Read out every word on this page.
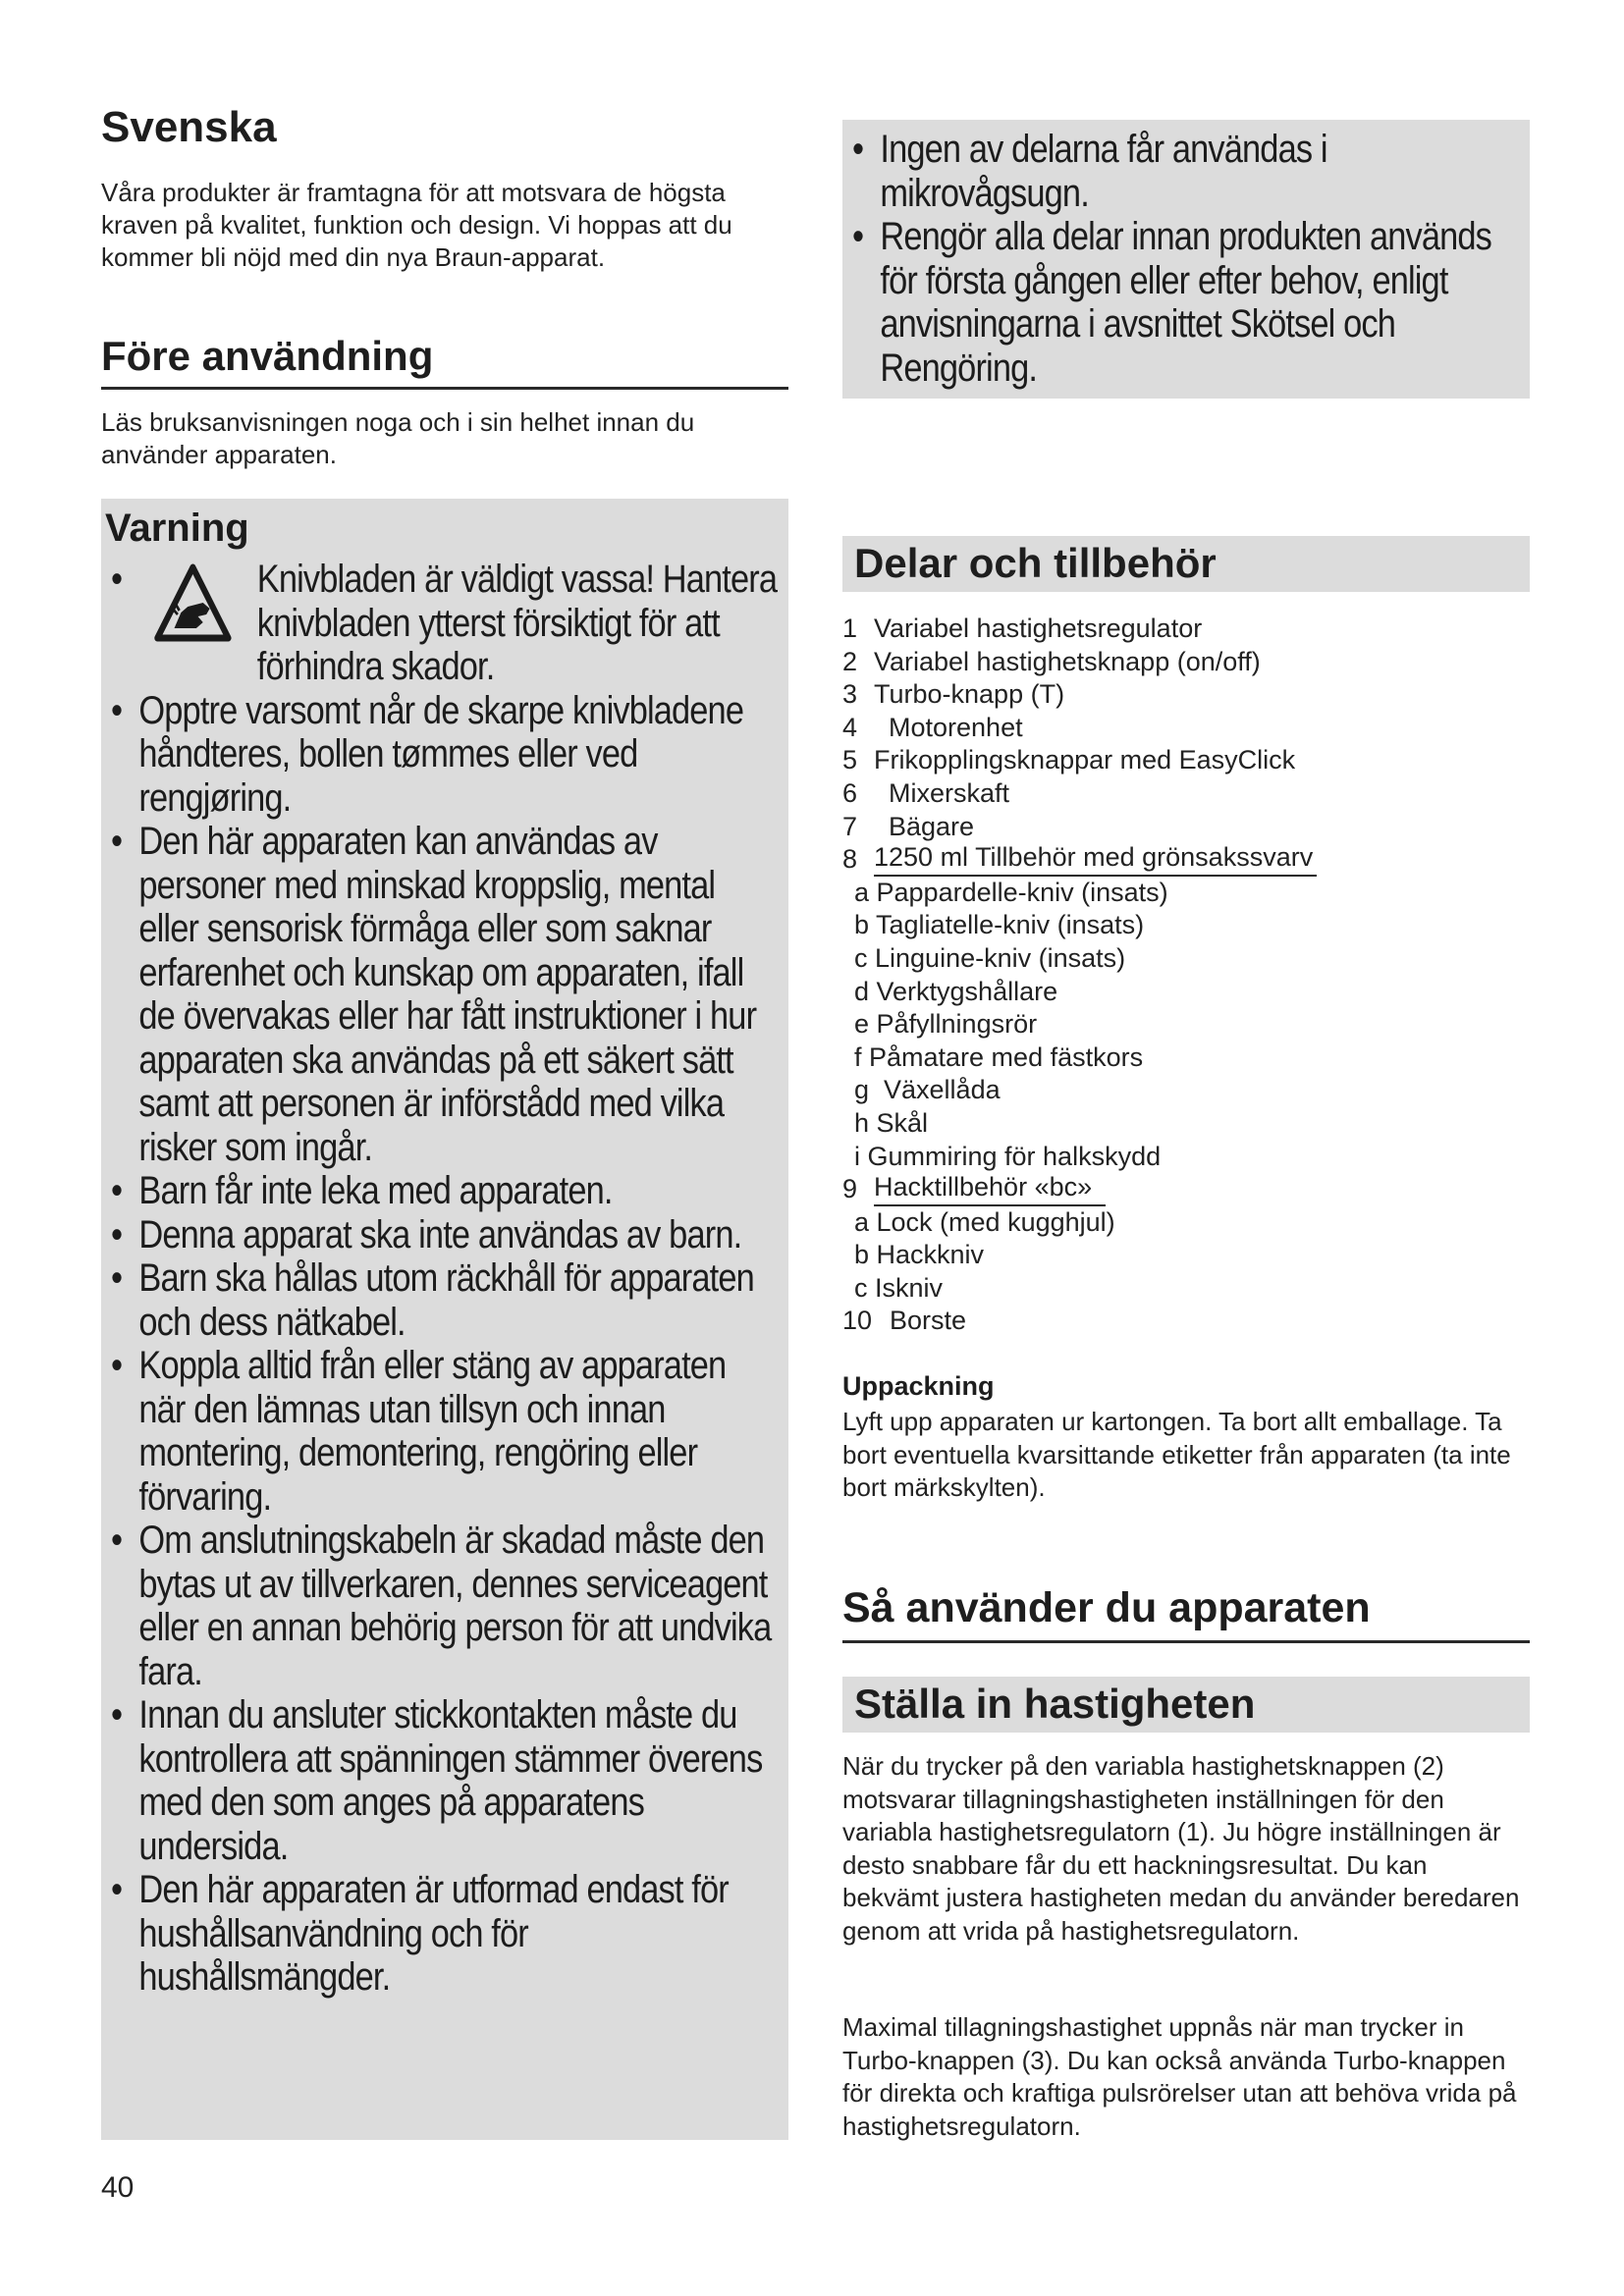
Svenska

Våra produkter är framtagna för att motsvara de högsta kraven på kvalitet, funktion och design. Vi hoppas att du kommer bli nöjd med din nya Braun-apparat.

Före användning

Läs bruksanvisningen noga och i sin helhet innan du använder apparaten.

Varning
•	Knivbladen är väldigt vassa! Hantera knivbladen ytterst försiktigt för att förhindra skador.
• Opptre varsomt når de skarpe knivbladene håndteres, bollen tømmes eller ved rengjøring.
• Den här apparaten kan användas av personer med minskad kroppslig, mental eller sensorisk förmåga eller som saknar erfarenhet och kunskap om apparaten, ifall de övervakas eller har fått instruktioner i hur apparaten ska användas på ett säkert sätt samt att personen är införstådd med vilka risker som ingår.
• Barn får inte leka med apparaten.
• Denna apparat ska inte användas av barn.
• Barn ska hållas utom räckhåll för apparaten och dess nätkabel.
• Koppla alltid från eller stäng av apparaten när den lämnas utan tillsyn och innan montering, demontering, rengöring eller förvaring.
• Om anslutningskabeln är skadad måste den bytas ut av tillverkaren, dennes serviceagent eller en annan behörig person för att undvika fara.
• Innan du ansluter stickkontakten måste du kontrollera att spänningen stämmer överens med den som anges på apparatens undersida.
• Den här apparaten är utformad endast för hushållsanvändning och för hushållsmängder.
40
• Ingen av delarna får användas i mikrovågsugn.
• Rengör alla delar innan produkten används för första gången eller efter behov, enligt anvisningarna i avsnittet Skötsel och Rengöring.
Delar och tillbehör
1 Variabel hastighetsregulator
2 Variabel hastighetsknapp (on/off)
3 Turbo-knapp (T)
4 Motorenhet
5 Frikopplingsknappar med EasyClick
6 Mixerskaft
7 Bägare
8 1250 ml Tillbehör med grönsakssvarv
a Pappardelle-kniv (insats)
b Tagliatelle-kniv (insats)
c Linguine-kniv (insats)
d Verktygshållare
e Påfyllningsrör
f Påmatare med fästkors
g  Växellåda
h Skål
i Gummiring för halkskydd
9 Hacktillbehör «bc»
a Lock (med kugghjul)
b Hackkniv
c Iskniv
10 Borste
Uppackning

Lyft upp apparaten ur kartongen. Ta bort allt emballage. Ta bort eventuella kvarsittande etiketter från apparaten (ta inte bort märkskylten).

Så använder du apparaten
Ställa in hastigheten

När du trycker på den variabla hastighetsknappen (2) motsvarar tillagningshastigheten inställningen för den variabla hastighetsregulatorn (1). Ju högre inställningen är desto snabbare får du ett hackningsresultat. Du kan bekvämt justera hastigheten medan du använder beredaren genom att vrida på hastighetsregulatorn.

Maximal tillagningshastighet uppnås när man trycker in Turbo-knappen (3). Du kan också använda Turbo-knappen för direkta och kraftiga pulsrörelser utan att behöva vrida på hastighetsregulatorn.
